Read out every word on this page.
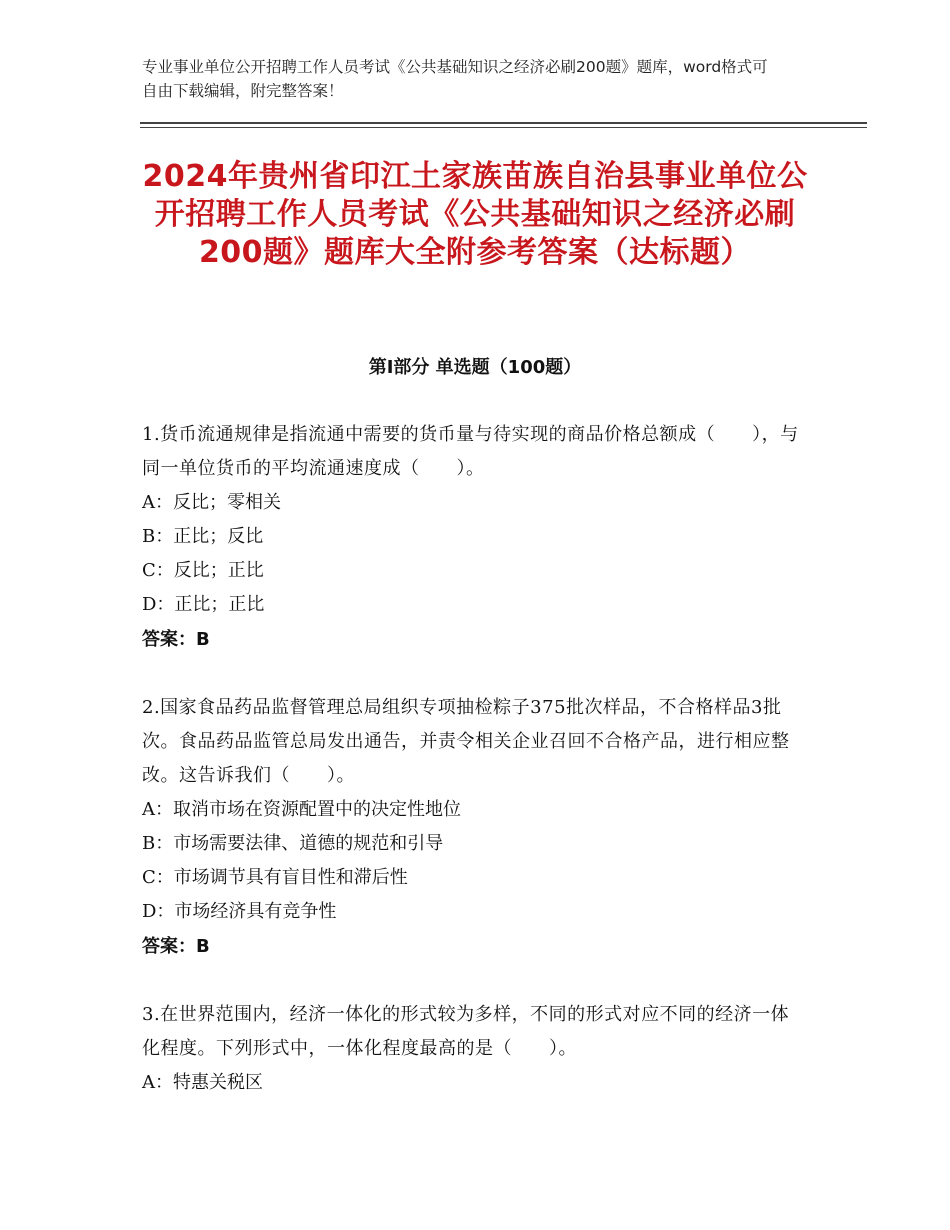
专业事业单位公开招聘工作人员考试《公共基础知识之经济必刷200题》题库，word格式可自由下载编辑，附完整答案！
2024年贵州省印江土家族苗族自治县事业单位公开招聘工作人员考试《公共基础知识之经济必刷200题》题库大全附参考答案（达标题）
第Ⅰ部分 单选题（100题）
1.货币流通规律是指流通中需要的货币量与待实现的商品价格总额成（　　），与同一单位货币的平均流通速度成（　　）。
A：反比；零相关
B：正比；反比
C：反比；正比
D：正比；正比
答案：B
2.国家食品药品监督管理总局组织专项抽检粽子375批次样品，不合格样品3批次。食品药品监管总局发出通告，并责令相关企业召回不合格产品，进行相应整改。这告诉我们（　　）。
A：取消市场在资源配置中的决定性地位
B：市场需要法律、道德的规范和引导
C：市场调节具有盲目性和滞后性
D：市场经济具有竞争性
答案：B
3.在世界范围内，经济一体化的形式较为多样，不同的形式对应不同的经济一体化程度。下列形式中，一体化程度最高的是（　　）。
A：特惠关税区
